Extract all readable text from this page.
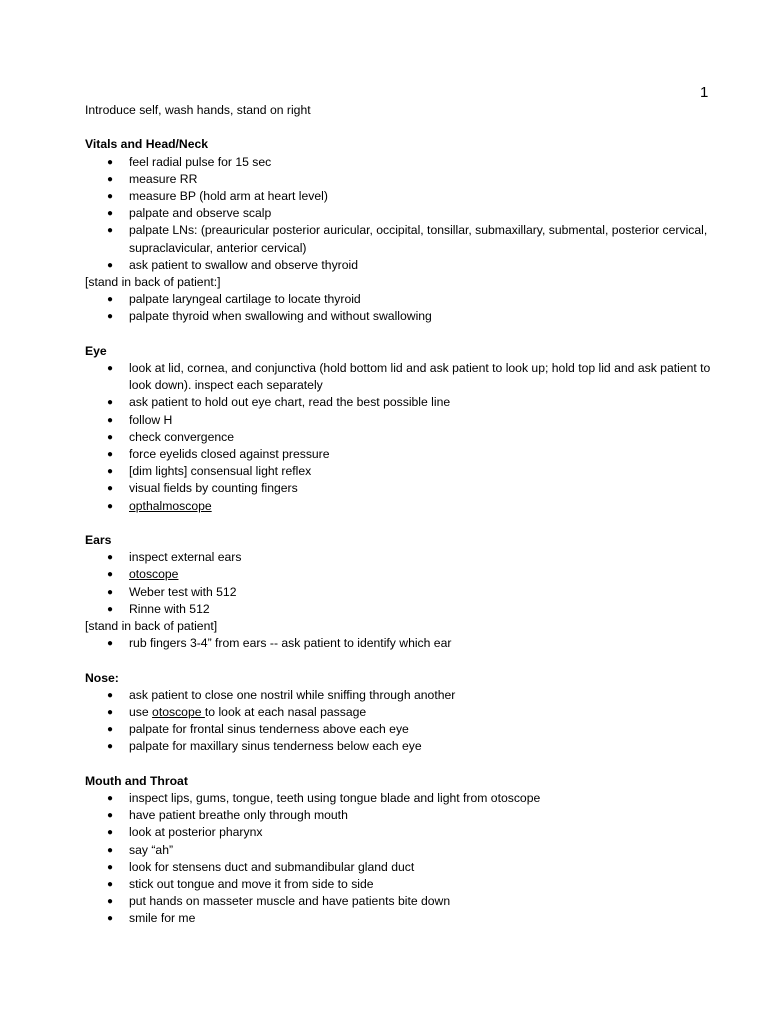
1

Introduce self, wash hands, stand on right

Vitals and Head/Neck

● feel radial pulse for 15 sec
● measure RR
● measure BP (hold arm at heart level)
● palpate and observe scalp
● palpate LNs: (preauricular posterior auricular, occipital, tonsillar, submaxillary, submental, posterior cervical, supraclavicular, anterior cervical)
● ask patient to swallow and observe thyroid

[stand in back of patient:]

● palpate laryngeal cartilage to locate thyroid
● palpate thyroid when swallowing and without swallowing

Eye

● look at lid, cornea, and conjunctiva (hold bottom lid and ask patient to look up; hold top lid and ask patient to look down). inspect each separately
● ask patient to hold out eye chart, read the best possible line
● follow H
● check convergence
● force eyelids closed against pressure
● [dim lights] consensual light reflex
● visual fields by counting fingers
● opthalmoscope

Ears

● inspect external ears
● otoscope
● Weber test with 512
● Rinne with 512

[stand in back of patient]

● rub fingers 3-4” from ears -- ask patient to identify which ear

Nose:

● ask patient to close one nostril while sniffing through another
● use otoscope to look at each nasal passage
● palpate for frontal sinus tenderness above each eye
● palpate for maxillary sinus tenderness below each eye

Mouth and Throat

● inspect lips, gums, tongue, teeth using tongue blade and light from otoscope
● have patient breathe only through mouth
● look at posterior pharynx
● say “ah”
● look for stensens duct and submandibular gland duct
● stick out tongue and move it from side to side
● put hands on masseter muscle and have patients bite down
● smile for me
